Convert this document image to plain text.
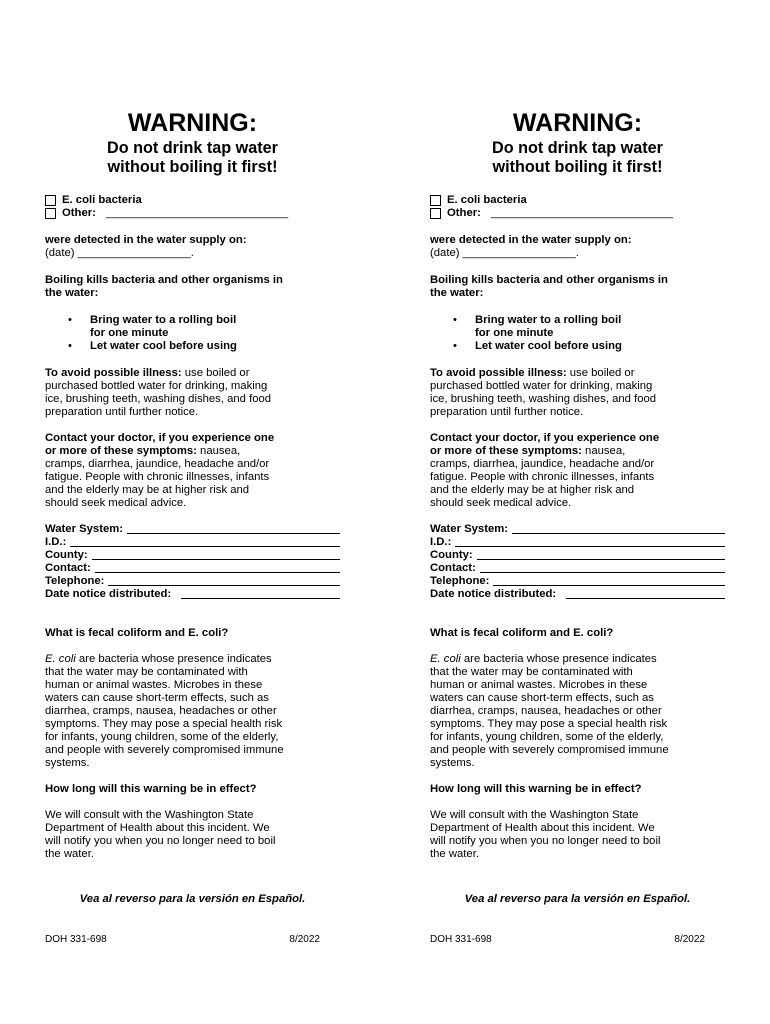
WARNING:
Do not drink tap water
without boiling it first!
E. coli bacteria
Other: _____________________________
were detected in the water supply on:
(date) __________________.
Boiling kills bacteria and other organisms in
the water:
• Bring water to a rolling boil
for one minute
• Let water cool before using
To avoid possible illness: use boiled or
purchased bottled water for drinking, making
ice, brushing teeth, washing dishes, and food
preparation until further notice.
Contact your doctor, if you experience one
or more of these symptoms: nausea,
cramps, diarrhea, jaundice, headache and/or
fatigue. People with chronic illnesses, infants
and the elderly may be at higher risk and
should seek medical advice.
Water System:
I.D.:
County:
Contact:
Telephone:
Date notice distributed:
What is fecal coliform and E. coli?
E. coli are bacteria whose presence indicates
that the water may be contaminated with
human or animal wastes. Microbes in these
waters can cause short-term effects, such as
diarrhea, cramps, nausea, headaches or other
symptoms. They may pose a special health risk
for infants, young children, some of the elderly,
and people with severely compromised immune
systems.
How long will this warning be in effect?
We will consult with the Washington State
Department of Health about this incident. We
will notify you when you no longer need to boil
the water.
Vea al reverso para la versión en Español.
DOH 331-698	8/2022
WARNING:
Do not drink tap water
without boiling it first!
E. coli bacteria
Other: _____________________________
were detected in the water supply on:
(date) __________________.
Boiling kills bacteria and other organisms in
the water:
• Bring water to a rolling boil
for one minute
• Let water cool before using
To avoid possible illness: use boiled or
purchased bottled water for drinking, making
ice, brushing teeth, washing dishes, and food
preparation until further notice.
Contact your doctor, if you experience one
or more of these symptoms: nausea,
cramps, diarrhea, jaundice, headache and/or
fatigue. People with chronic illnesses, infants
and the elderly may be at higher risk and
should seek medical advice.
Water System:
I.D.:
County:
Contact:
Telephone:
Date notice distributed:
What is fecal coliform and E. coli?
E. coli are bacteria whose presence indicates
that the water may be contaminated with
human or animal wastes. Microbes in these
waters can cause short-term effects, such as
diarrhea, cramps, nausea, headaches or other
symptoms. They may pose a special health risk
for infants, young children, some of the elderly,
and people with severely compromised immune
systems.
How long will this warning be in effect?
We will consult with the Washington State
Department of Health about this incident. We
will notify you when you no longer need to boil
the water.
Vea al reverso para la versión en Español.
DOH 331-698	8/2022
